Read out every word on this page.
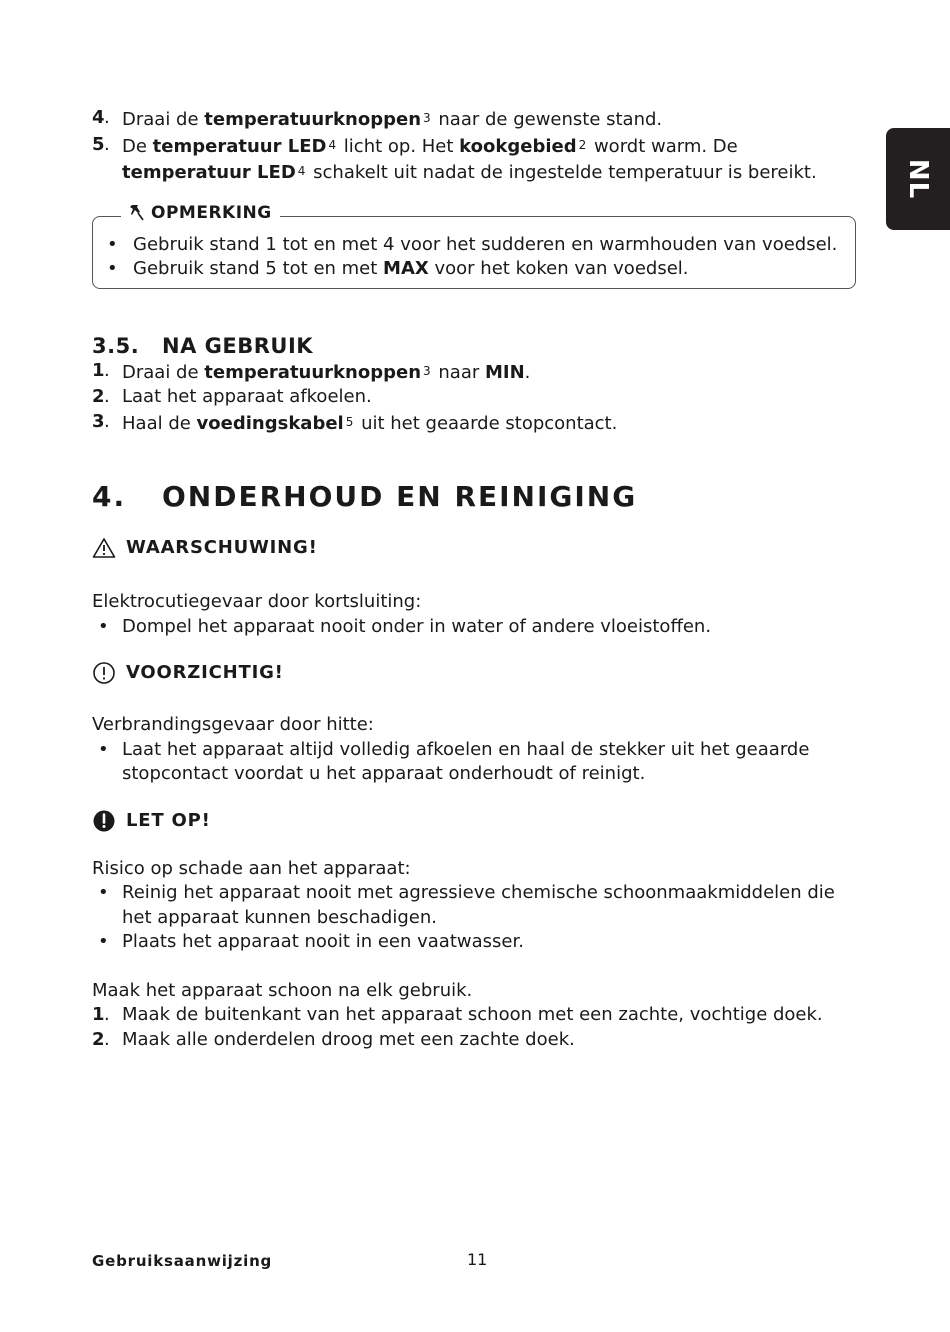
NL
4 . Draai de temperatuurknoppen 3 naar de gewenste stand.
5 . De temperatuur LED 4 licht op. Het kookgebied 2 wordt warm. De temperatuur LED 4 schakelt uit nadat de ingestelde temperatuur is bereikt.
OPMERKING
• Gebruik stand 1 tot en met 4 voor het sudderen en warmhouden van voedsel.
• Gebruik stand 5 tot en met MAX voor het koken van voedsel.
3.5. NA GEBRUIK
1 . Draai de temperatuurknoppen 3 naar MIN.
2 . Laat het apparaat afkoelen.
3 . Haal de voedingskabel 5 uit het geaarde stopcontact.
4. ONDERHOUD EN REINIGING
WAARSCHUWING!
Elektrocutiegevaar door kortsluiting:
• Dompel het apparaat nooit onder in water of andere vloeistoffen.
VOORZICHTIG!
Verbrandingsgevaar door hitte:
• Laat het apparaat altijd volledig afkoelen en haal de stekker uit het geaarde stopcontact voordat u het apparaat onderhoudt of reinigt.
LET OP!
Risico op schade aan het apparaat:
• Reinig het apparaat nooit met agressieve chemische schoonmaakmiddelen die het apparaat kunnen beschadigen.
• Plaats het apparaat nooit in een vaatwasser.
Maak het apparaat schoon na elk gebruik.
1 . Maak de buitenkant van het apparaat schoon met een zachte, vochtige doek.
2 . Maak alle onderdelen droog met een zachte doek.
Gebruiksaanwijzing	11
